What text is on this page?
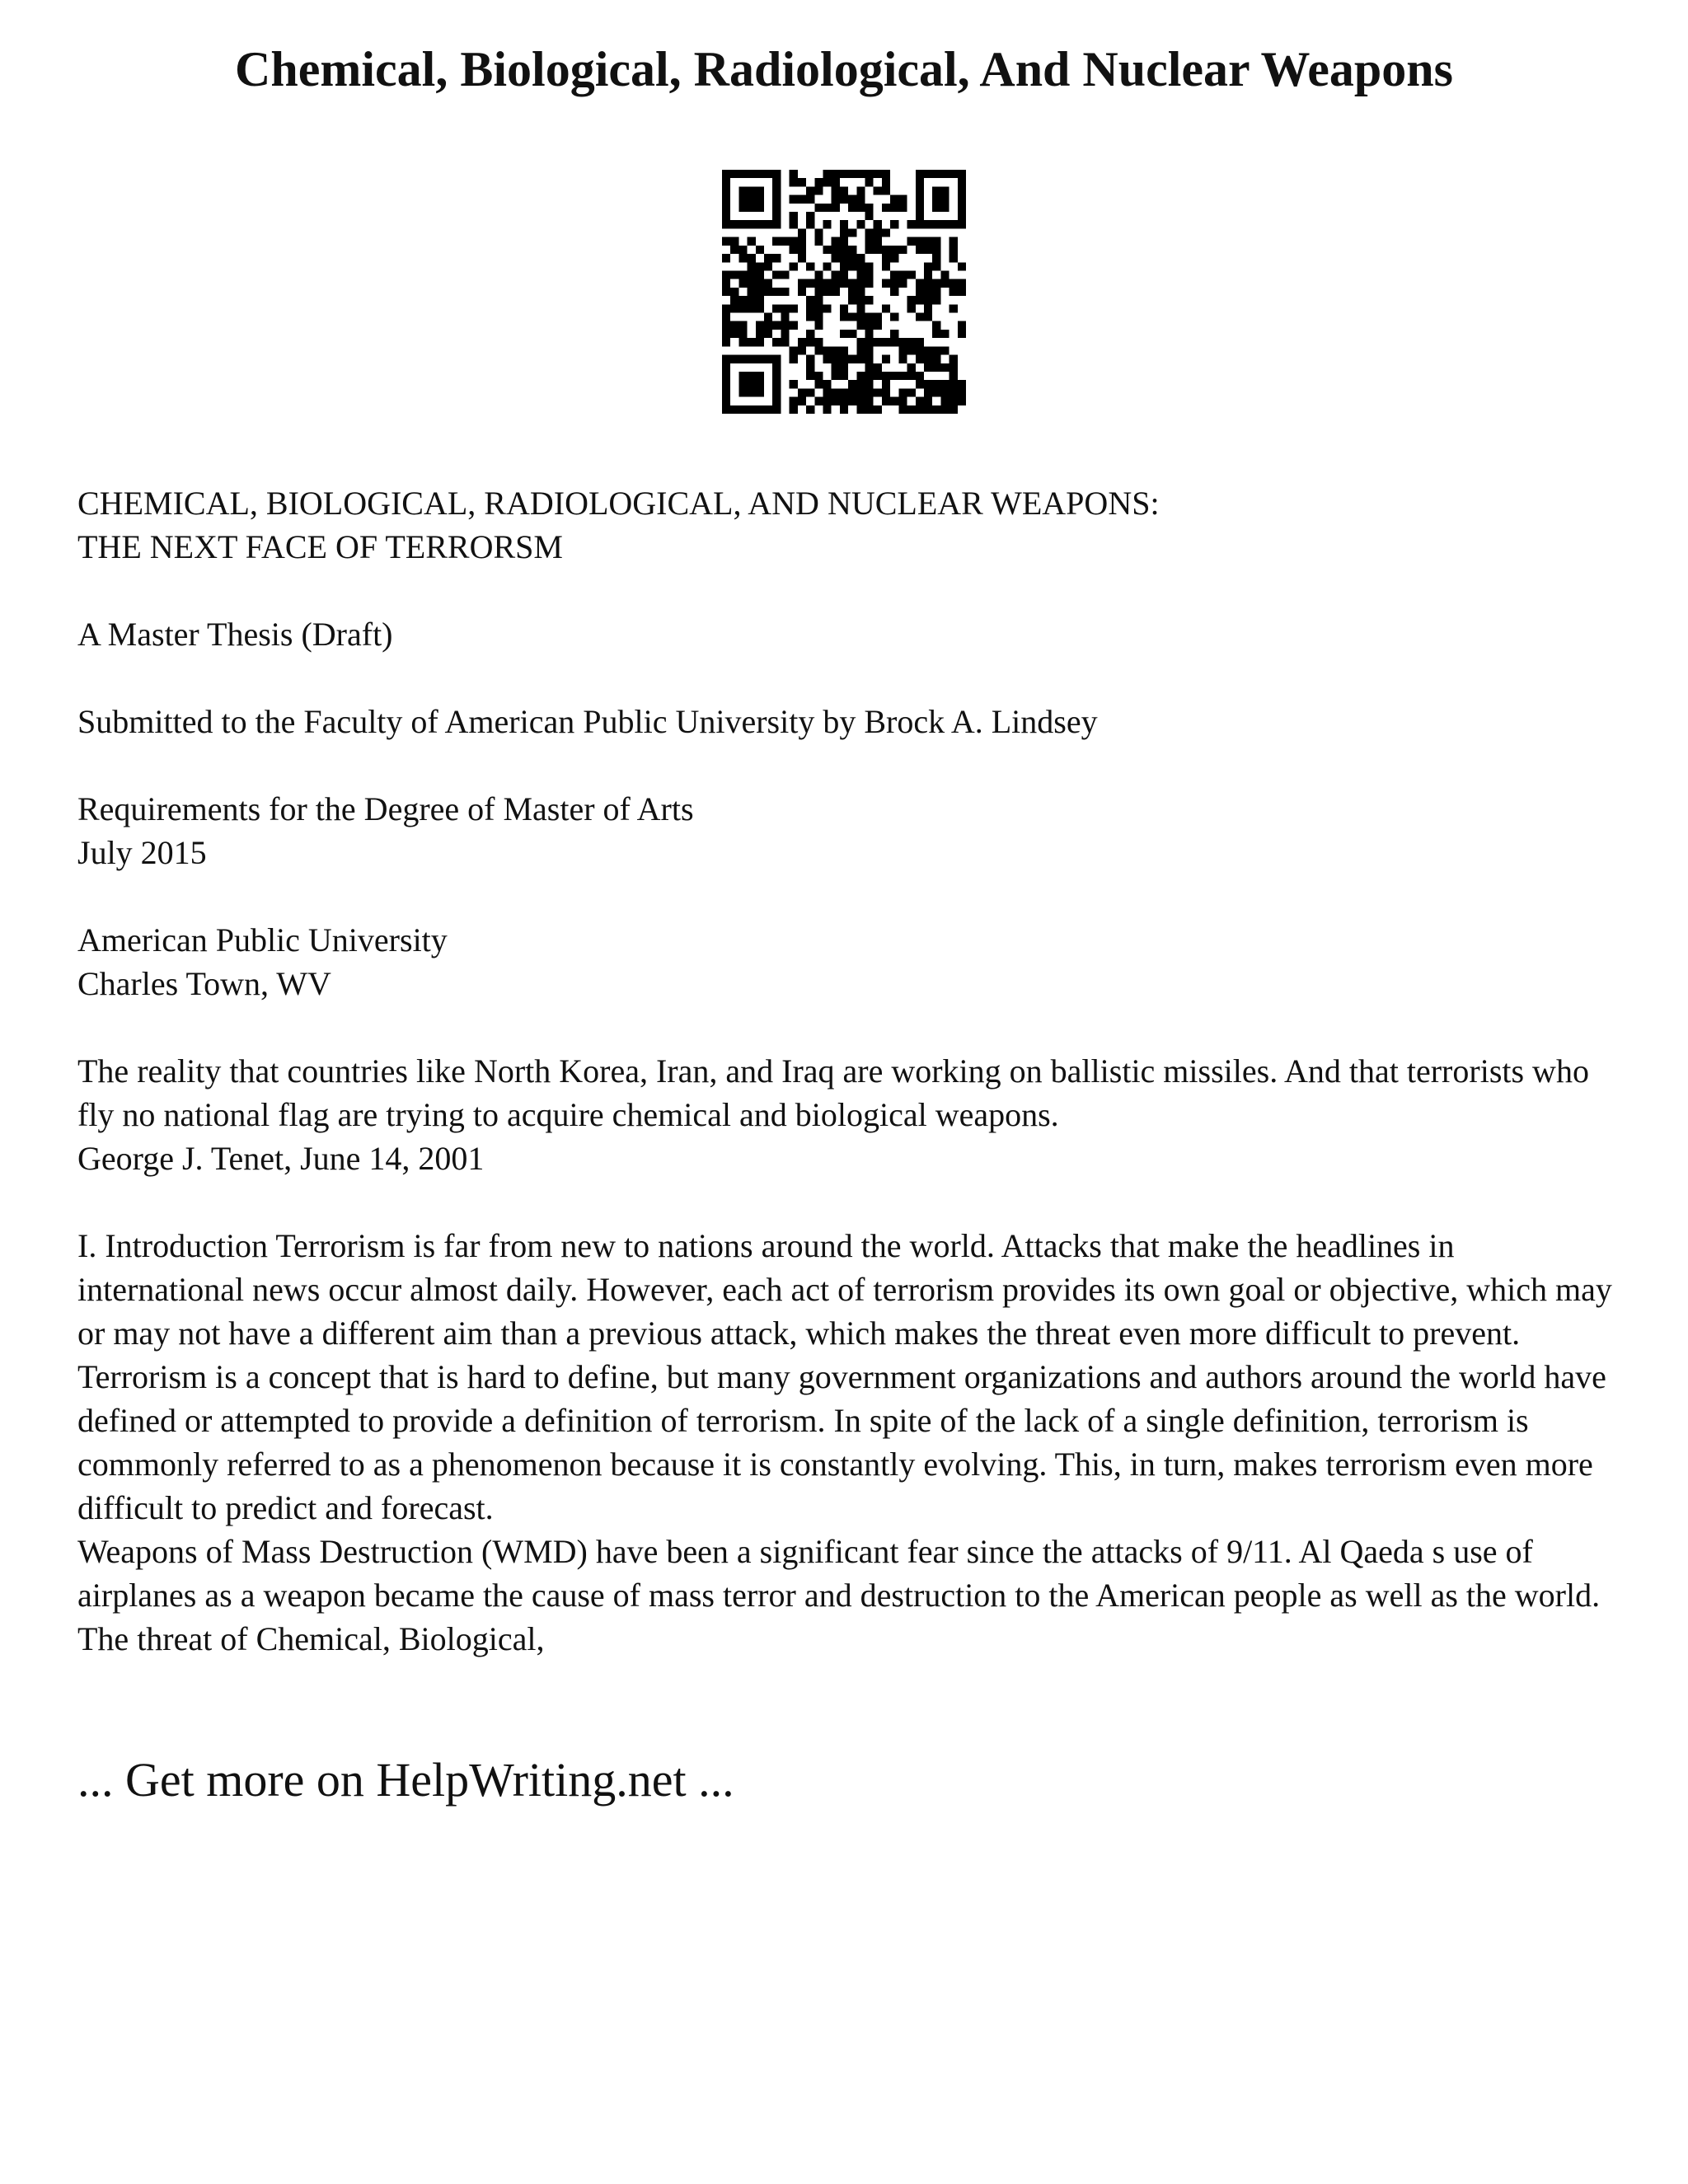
Chemical, Biological, Radiological, And Nuclear Weapons
CHEMICAL, BIOLOGICAL, RADIOLOGICAL, AND NUCLEAR WEAPONS:
THE NEXT FACE OF TERRORSM
A Master Thesis (Draft)
Submitted to the Faculty of American Public University by Brock A. Lindsey
Requirements for the Degree of Master of Arts
July 2015
American Public University
Charles Town, WV

The reality that countries like North Korea, Iran, and Iraq are working on ballistic missiles. And that terrorists who fly no national flag are trying to acquire chemical and biological weapons.

George J. Tenet, June 14, 2001

I. Introduction Terrorism is far from new to nations around the world. Attacks that make the headlines in international news occur almost daily. However, each act of terrorism provides its own goal or objective, which may or may not have a different aim than a previous attack, which makes the threat even more difficult to prevent. Terrorism is a concept that is hard to define, but many government organizations and authors around the world have defined or attempted to provide a definition of terrorism. In spite of the lack of a single definition, terrorism is commonly referred to as a phenomenon because it is constantly evolving. This, in turn, makes terrorism even more difficult to predict and forecast.

Weapons of Mass Destruction (WMD) have been a significant fear since the attacks of 9/11. Al Qaeda s use of airplanes as a weapon became the cause of mass terror and destruction to the American people as well as the world. The threat of Chemical, Biological,

... Get more on HelpWriting.net ...
